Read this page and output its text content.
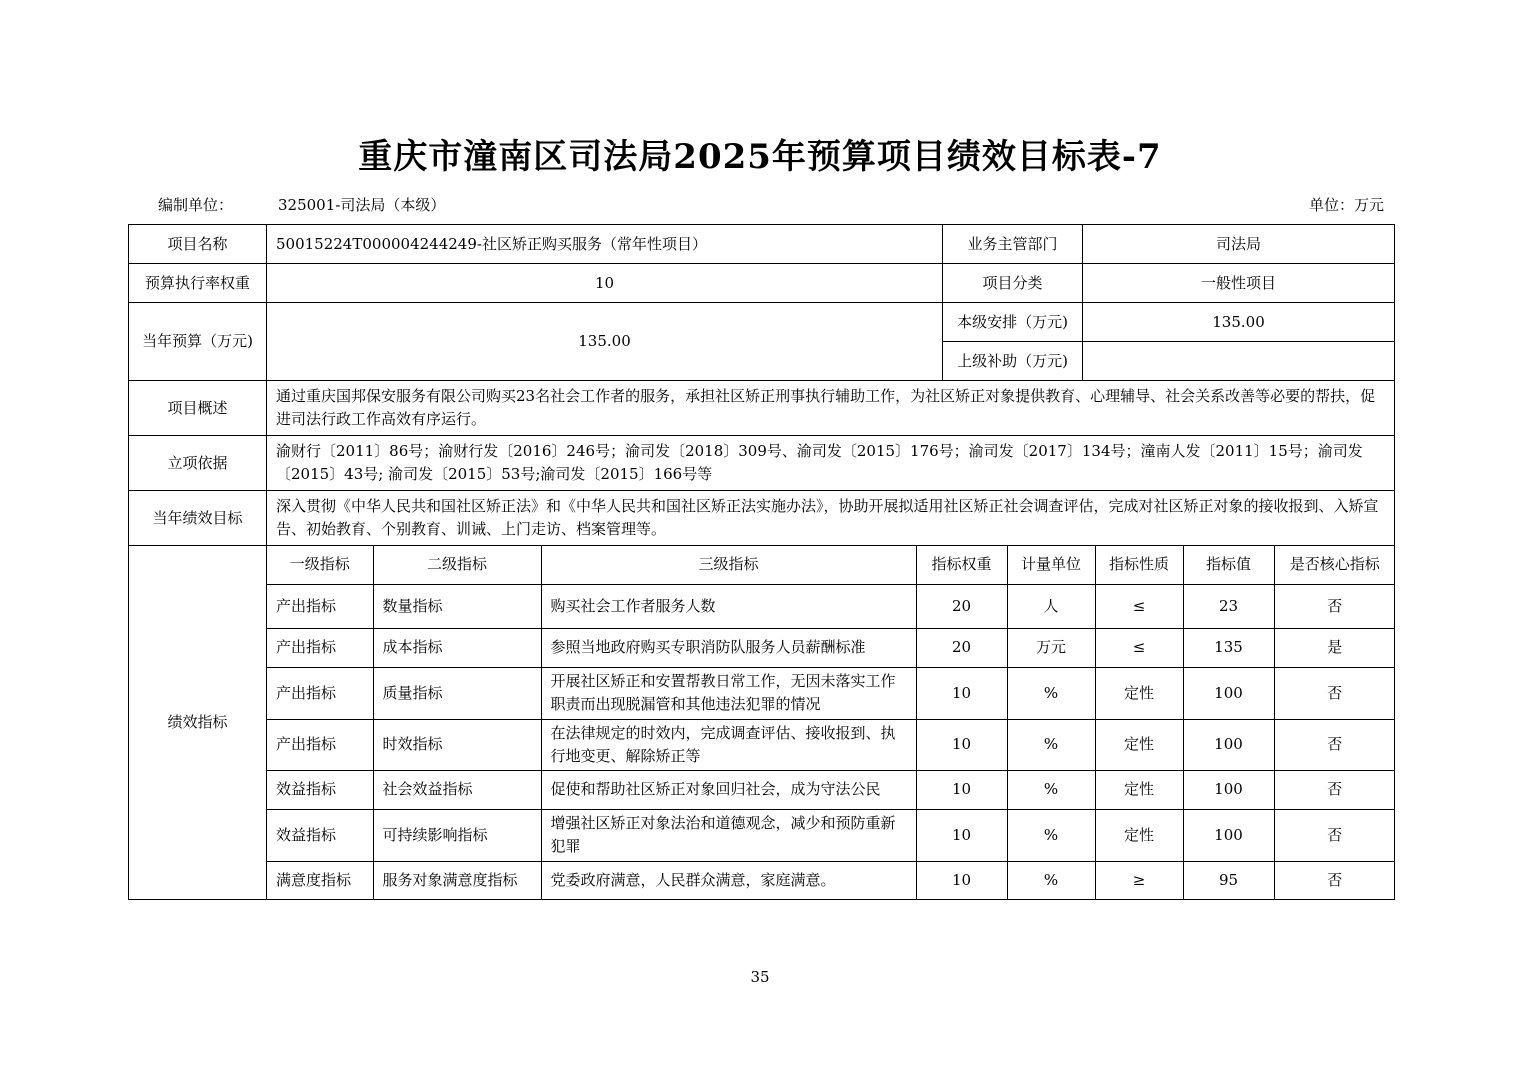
重庆市潼南区司法局2025年预算项目绩效目标表-7
编制单位：	325001-司法局（本级）	单位：万元
项目名称	50015224T000004244249-社区矫正购买服务（常年性项目）	业务主管部门	司法局
预算执行率权重	10	项目分类	一般性项目
当年预算（万元)	135.00	本级安排（万元)	135.00
上级补助（万元)	
项目概述	通过重庆国邦保安服务有限公司购买23名社会工作者的服务，承担社区矫正刑事执行辅助工作，为社区矫正对象提供教育、心理辅导、社会关系改善等必要的帮扶，促进司法行政工作高效有序运行。
立项依据	渝财行〔2011〕86号；渝财行发〔2016〕246号；渝司发〔2018〕309号、渝司发〔2015〕176号；渝司发〔2017〕134号；潼南人发〔2011〕15号；渝司发〔2015〕43号; 渝司发〔2015〕53号;渝司发〔2015〕166号等
当年绩效目标	深入贯彻《中华人民共和国社区矫正法》和《中华人民共和国社区矫正法实施办法》，协助开展拟适用社区矫正社会调查评估，完成对社区矫正对象的接收报到、入矫宣告、初始教育、个别教育、训诫、上门走访、档案管理等。
绩效指标	
一级指标	二级指标	三级指标	指标权重	计量单位	指标性质	指标值	是否核心指标
产出指标	数量指标	购买社会工作者服务人数	20	人	≤	23	否
产出指标	成本指标	参照当地政府购买专职消防队服务人员薪酬标准	20	万元	≤	135	是
产出指标	质量指标	开展社区矫正和安置帮教日常工作，无因未落实工作职责而出现脱漏管和其他违法犯罪的情况	10	%	定性	100	否
产出指标	时效指标	在法律规定的时效内，完成调查评估、接收报到、执行地变更、解除矫正等	10	%	定性	100	否
效益指标	社会效益指标	促使和帮助社区矫正对象回归社会，成为守法公民	10	%	定性	100	否
效益指标	可持续影响指标	增强社区矫正对象法治和道德观念，减少和预防重新犯罪	10	%	定性	100	否
满意度指标	服务对象满意度指标	党委政府满意，人民群众满意，家庭满意。	10	%	≥	95	否
35
